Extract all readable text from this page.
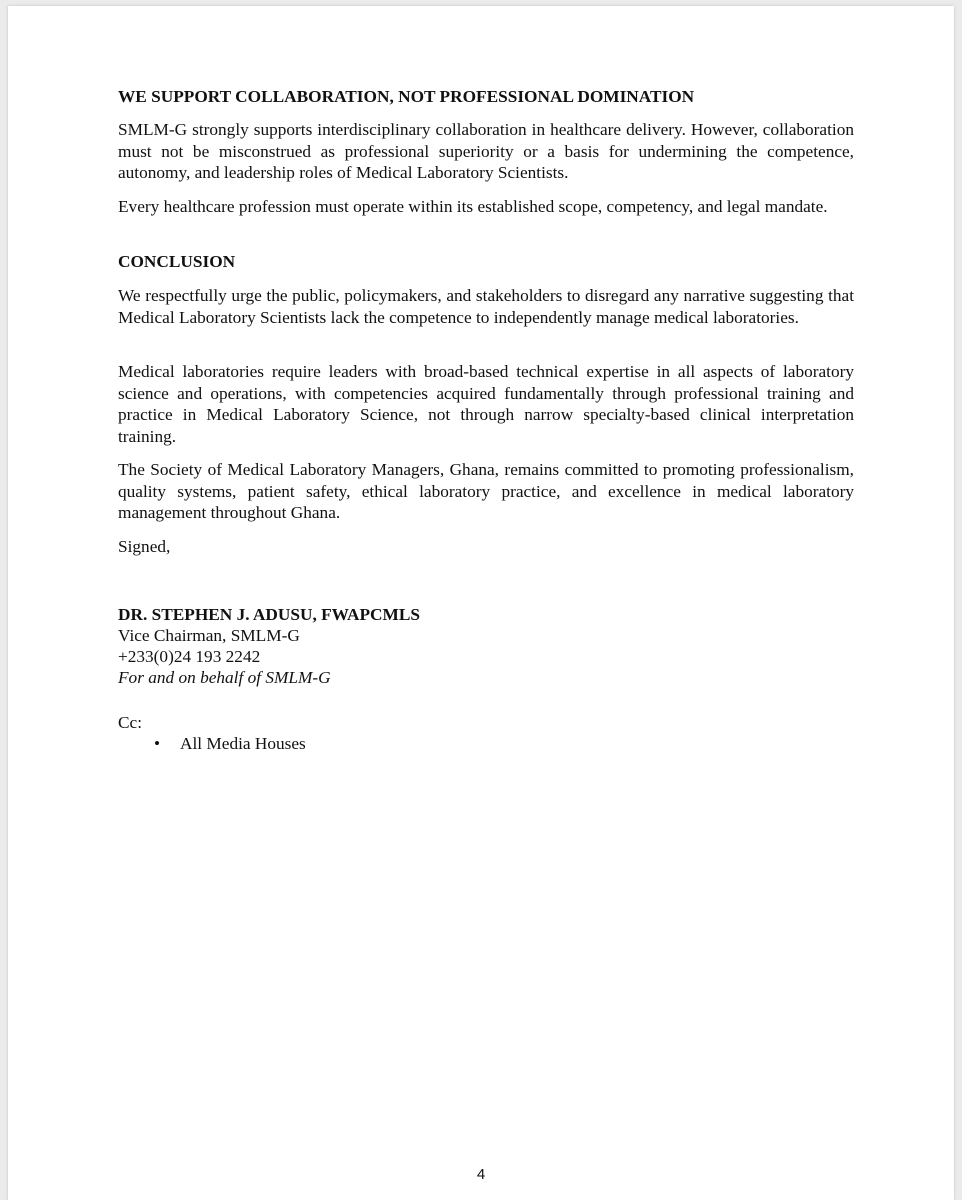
WE SUPPORT COLLABORATION, NOT PROFESSIONAL DOMINATION

SMLM-G strongly supports interdisciplinary collaboration in healthcare delivery. However, collaboration must not be misconstrued as professional superiority or a basis for undermining the competence, autonomy, and leadership roles of Medical Laboratory Scientists.

Every healthcare profession must operate within its established scope, competency, and legal mandate.

CONCLUSION

We respectfully urge the public, policymakers, and stakeholders to disregard any narrative suggesting that Medical Laboratory Scientists lack the competence to independently manage medical laboratories.

Medical laboratories require leaders with broad-based technical expertise in all aspects of laboratory science and operations, with competencies acquired fundamentally through professional training and practice in Medical Laboratory Science, not through narrow specialty-based clinical interpretation training.

The Society of Medical Laboratory Managers, Ghana, remains committed to promoting professionalism, quality systems, patient safety, ethical laboratory practice, and excellence in medical laboratory management throughout Ghana.

Signed,

DR. STEPHEN J. ADUSU, FWAPCMLS

Vice Chairman, SMLM-G

+233(0)24 193 2242

For and on behalf of SMLM-G

Cc:

•	All Media Houses
4
